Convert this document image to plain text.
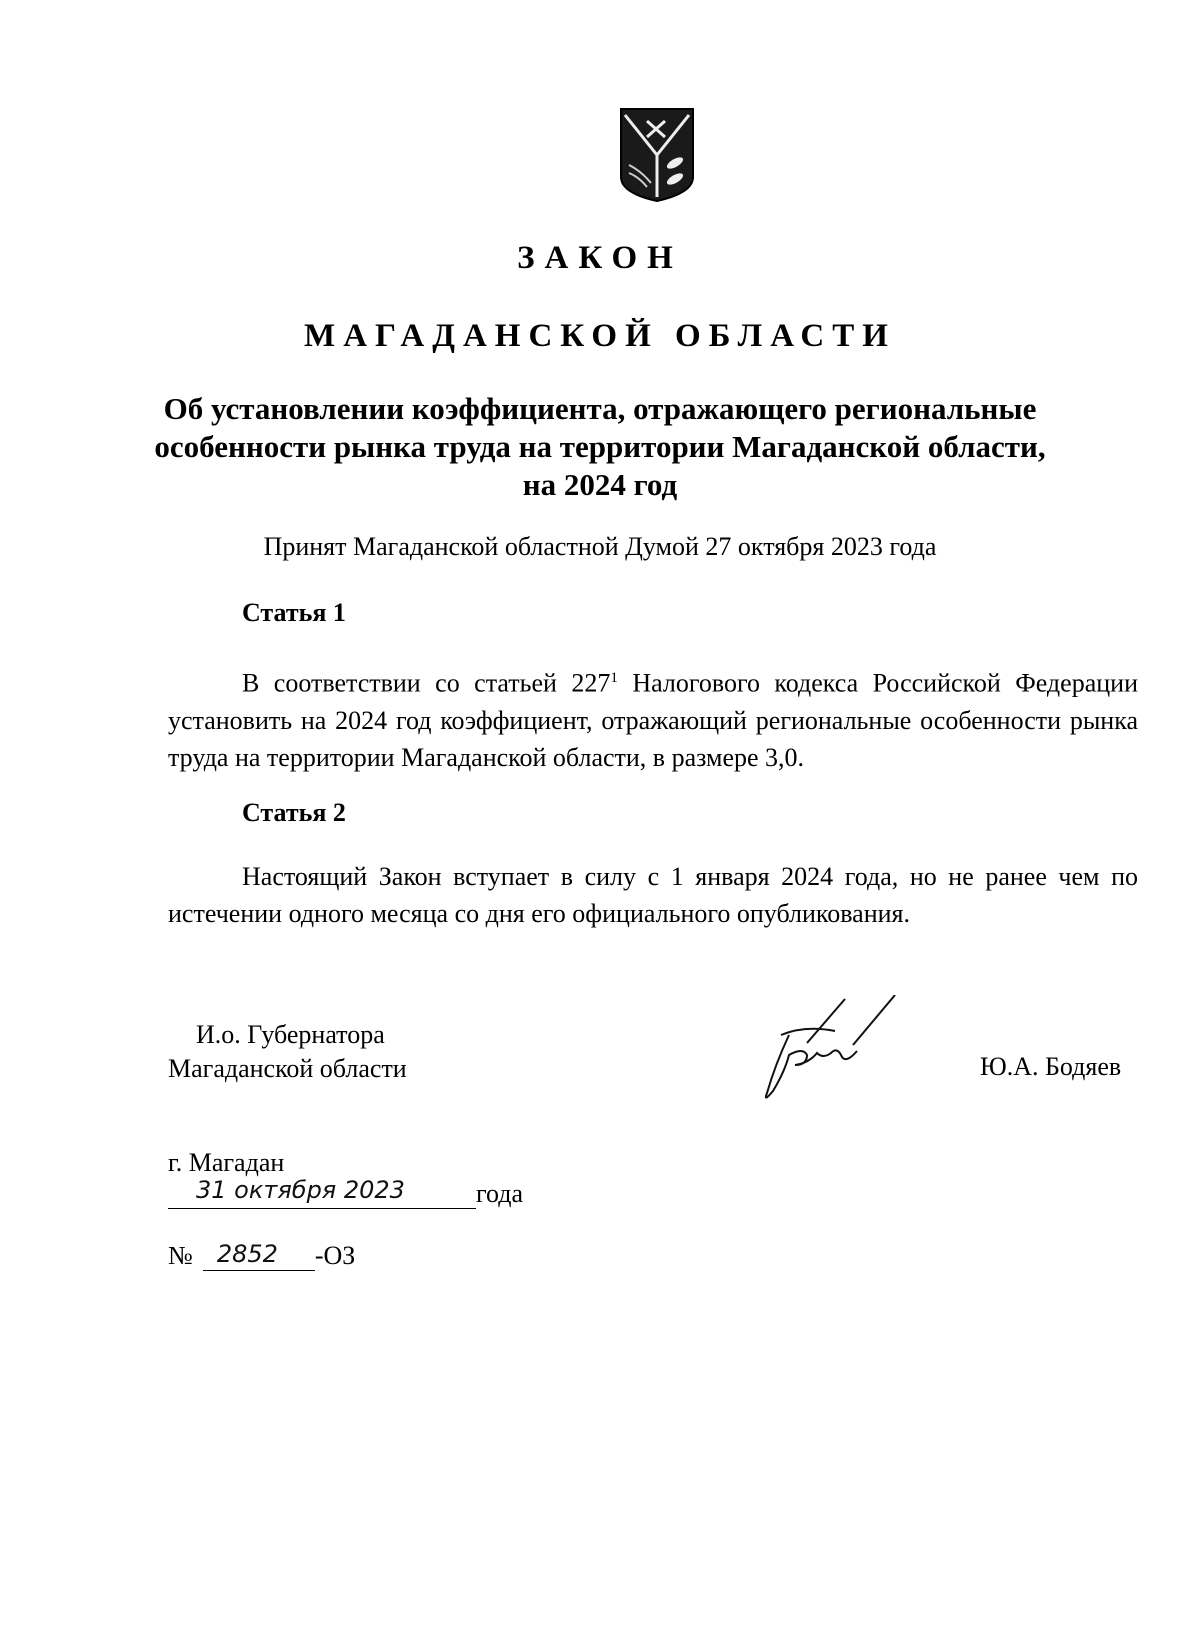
ЗАКОН
МАГАДАНСКОЙ ОБЛАСТИ
Об установлении коэффициента, отражающего региональные
особенности рынка труда на территории Магаданской области,
на 2024 год
Принят Магаданской областной Думой 27 октября 2023 года
Статья 1

В соответствии со статьей $227^1$ Налогового кодекса Российской Федерации установить на 2024 год коэффициент, отражающий региональные особенности рынка труда на территории Магаданской области, в размере 3,0.

Статья 2

Настоящий Закон вступает в силу с 1 января 2024 года, но не ранее чем по истечении одного месяца со дня его официального опубликования.

И.о. Губернатора
Магаданской области	Ю.А. Бодяев
г. Магадан
31 октября 2023	года
№ 2852 -ОЗ
